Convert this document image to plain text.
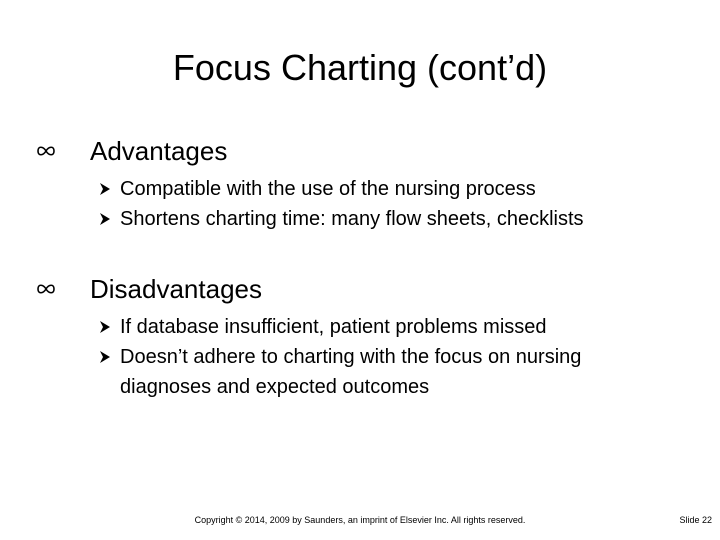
Focus Charting (cont’d)
Advantages
Compatible with the use of the nursing process
Shortens charting time: many flow sheets, checklists
Disadvantages
If database insufficient, patient problems missed
Doesn’t adhere to charting with the focus on nursing diagnoses and expected outcomes
Copyright © 2014, 2009 by Saunders, an imprint of Elsevier Inc. All rights reserved.	Slide 22
